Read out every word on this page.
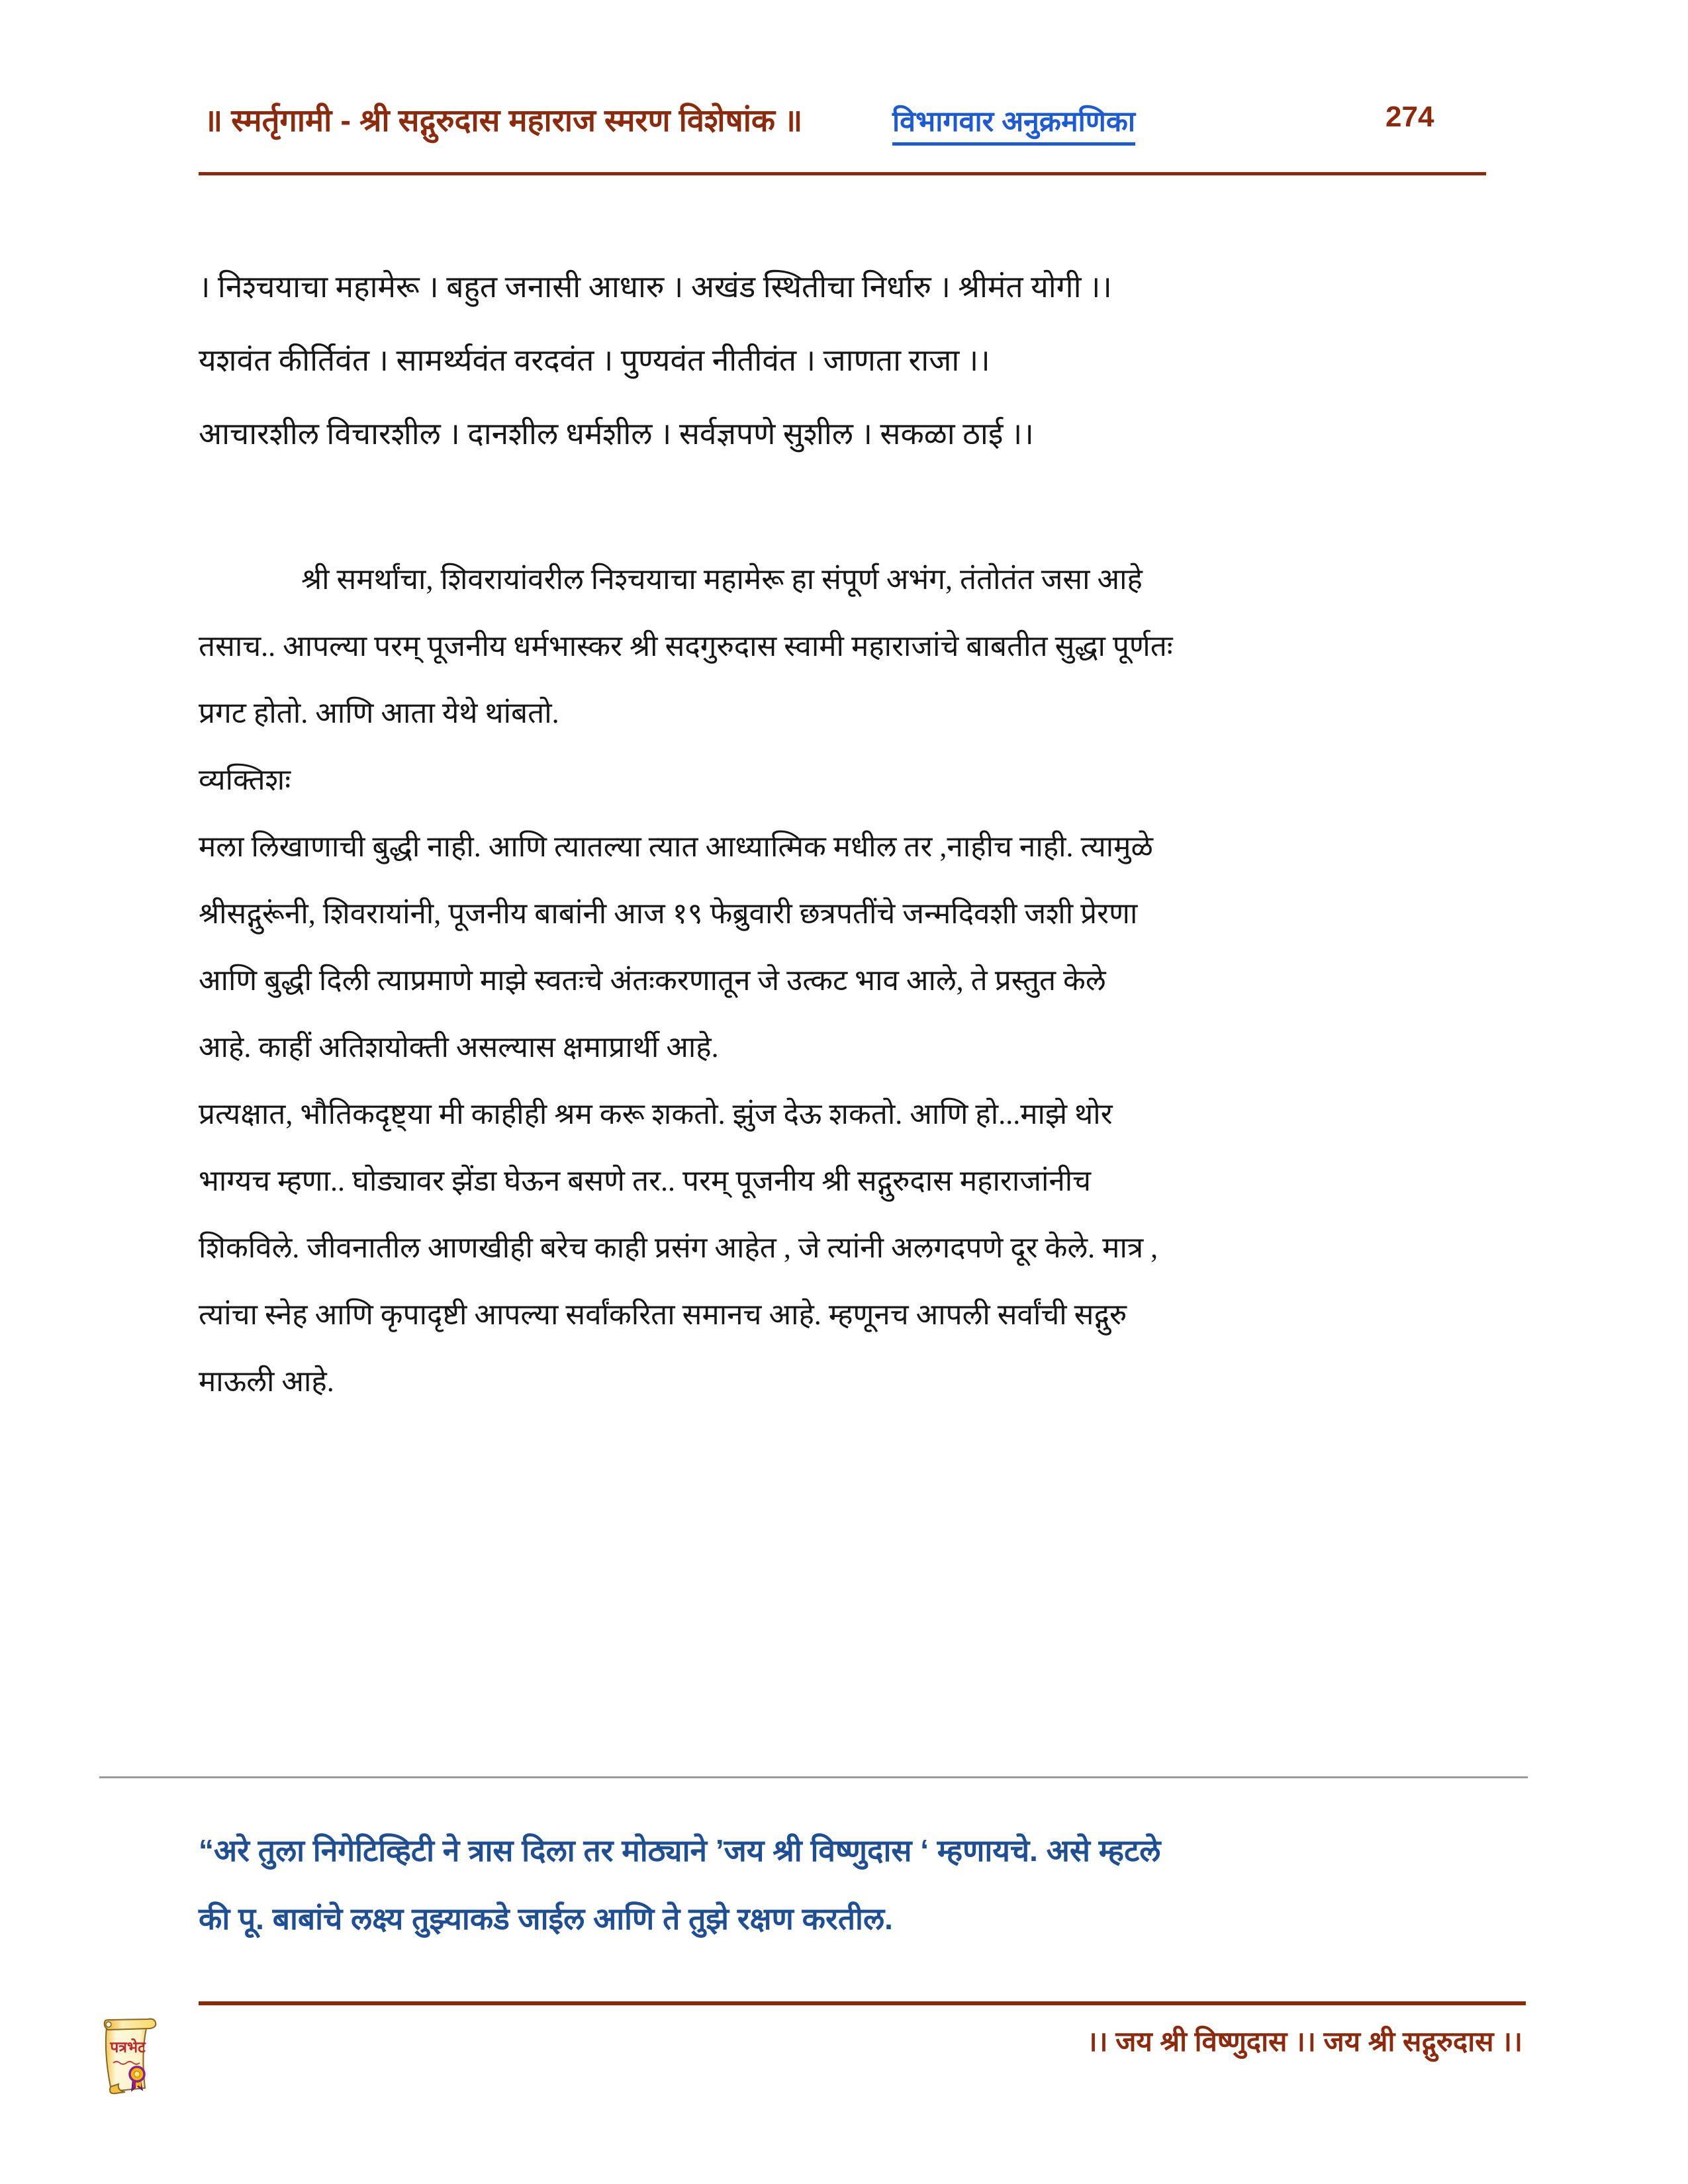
॥ स्मर्तृगामी - श्री सद्गुरुदास महाराज स्मरण विशेषांक ॥	विभागवार अनुक्रमणिका	274
। निश्चयाचा महामेरू । बहुत जनासी आधारु । अखंड स्थितीचा निर्धारु । श्रीमंत योगी ।।
यशवंत कीर्तिवंत । सामर्थ्यवंत वरदवंत । पुण्यवंत नीतीवंत । जाणता राजा ।।
आचारशील विचारशील । दानशील धर्मशील । सर्वज्ञपणे सुशील । सकळा ठाई ।।
श्री समर्थांचा, शिवरायांवरील निश्चयाचा महामेरू हा संपूर्ण अभंग, तंतोतंत जसा आहे
तसाच.. आपल्या परम् पूजनीय धर्मभास्कर श्री सदगुरुदास स्वामी महाराजांचे बाबतीत सुद्धा पूर्णतः
प्रगट होतो. आणि आता येथे थांबतो.
व्यक्तिशः
मला लिखाणाची बुद्धी नाही. आणि त्यातल्या त्यात आध्यात्मिक मधील तर ,नाहीच नाही. त्यामुळे
श्रीसद्गुरूंनी, शिवरायांनी, पूजनीय बाबांनी आज १९ फेब्रुवारी छत्रपतींचे जन्मदिवशी जशी प्रेरणा
आणि बुद्धी दिली त्याप्रमाणे माझे स्वतःचे अंतःकरणातून जे उत्कट भाव आले, ते प्रस्तुत केले
आहे. काहीं अतिशयोक्ती असल्यास क्षमाप्रार्थी आहे.
प्रत्यक्षात, भौतिकदृष्ट्या मी काहीही श्रम करू शकतो. झुंज देऊ शकतो. आणि हो...माझे थोर
भाग्यच म्हणा.. घोड्यावर झेंडा घेऊन बसणे तर.. परम् पूजनीय श्री सद्गुरुदास महाराजांनीच
शिकविले. जीवनातील आणखीही बरेच काही प्रसंग आहेत , जे त्यांनी अलगदपणे दूर केले. मात्र ,
त्यांचा स्नेह आणि कृपादृष्टी आपल्या सर्वांकरिता समानच आहे. म्हणूनच आपली सर्वांची सद्गुरु
माऊली आहे.
“अरे तुला निगेटिव्हिटी ने त्रास दिला तर मोठ्याने ’जय श्री विष्णुदास ‘ म्हणायचे. असे म्हटले
की पू. बाबांचे लक्ष्य तुझ्याकडे जाईल आणि ते तुझे रक्षण करतील.
।। जय श्री विष्णुदास ।। जय श्री सद्गुरुदास ।।
पत्रभेट
